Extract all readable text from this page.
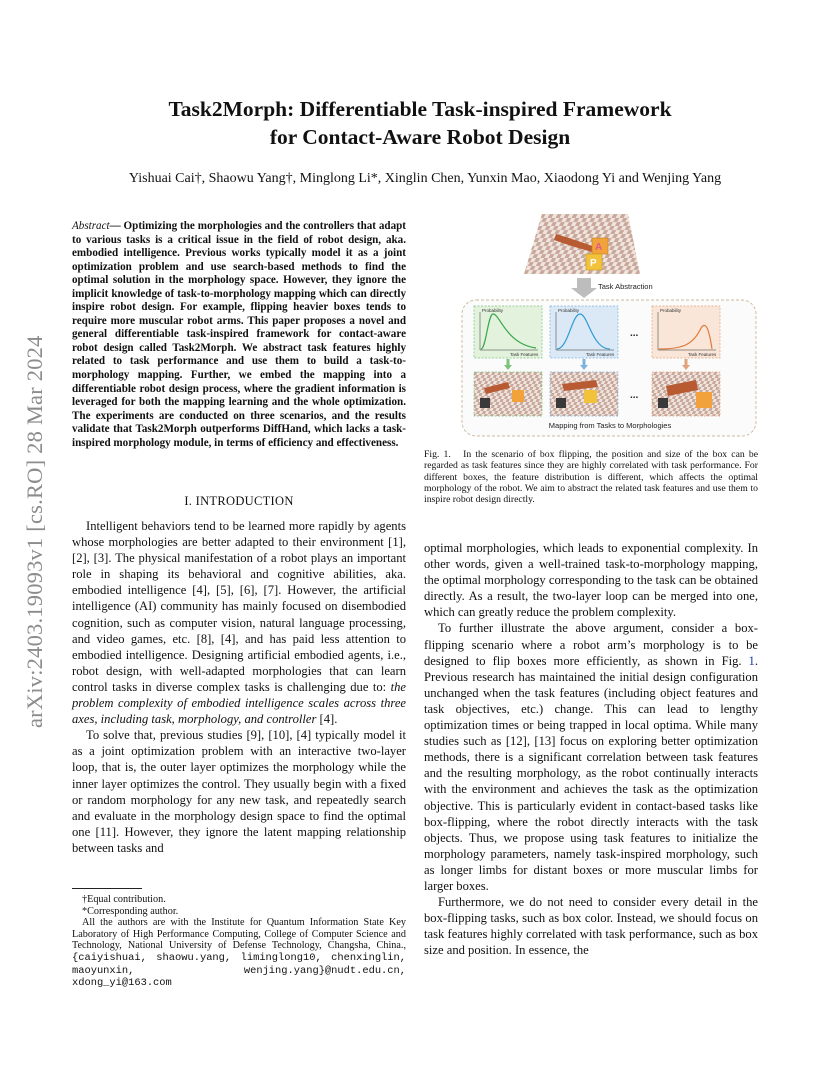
arXiv:2403.19093v1 [cs.RO] 28 Mar 2024
Task2Morph: Differentiable Task-inspired Framework
for Contact-Aware Robot Design
Yishuai Cai†, Shaowu Yang†, Minglong Li*, Xinglin Chen, Yunxin Mao, Xiaodong Yi and Wenjing Yang
Abstract— Optimizing the morphologies and the controllers that adapt to various tasks is a critical issue in the field of robot design, aka. embodied intelligence. Previous works typically model it as a joint optimization problem and use search-based methods to find the optimal solution in the morphology space. However, they ignore the implicit knowledge of task-to-morphology mapping which can directly inspire robot design. For example, flipping heavier boxes tends to require more muscular robot arms. This paper proposes a novel and general differentiable task-inspired framework for contact-aware robot design called Task2Morph. We abstract task features highly related to task performance and use them to build a task-to-morphology mapping. Further, we embed the mapping into a differentiable robot design process, where the gradient information is leveraged for both the mapping learning and the whole optimization. The experiments are conducted on three scenarios, and the results validate that Task2Morph outperforms DiffHand, which lacks a task-inspired morphology module, in terms of efficiency and effectiveness.
I. INTRODUCTION

Intelligent behaviors tend to be learned more rapidly by agents whose morphologies are better adapted to their environment [1], [2], [3]. The physical manifestation of a robot plays an important role in shaping its behavioral and cognitive abilities, aka. embodied intelligence [4], [5], [6], [7]. However, the artificial intelligence (AI) community has mainly focused on disembodied cognition, such as computer vision, natural language processing, and video games, etc. [8], [4], and has paid less attention to embodied intelligence. Designing artificial embodied agents, i.e., robot design, with well-adapted morphologies that can learn control tasks in diverse complex tasks is challenging due to: the problem complexity of embodied intelligence scales across three axes, including task, morphology, and controller [4].

To solve that, previous studies [9], [10], [4] typically model it as a joint optimization problem with an interactive two-layer loop, that is, the outer layer optimizes the morphology while the inner layer optimizes the control. They usually begin with a fixed or random morphology for any new task, and repeatedly search and evaluate in the morphology design space to find the optimal one [11]. However, they ignore the latent mapping relationship between tasks and

†Equal contribution.

*Corresponding author.

All the authors are with the Institute for Quantum Information State Key Laboratory of High Performance Computing, College of Computer Science and Technology, National University of Defense Technology, Changsha, China., {caiyishuai, shaowu.yang, liminglong10, chenxinglin, maoyunxin, wenjing.yang}@nudt.edu.cn, xdong_yi@163.com

A
P
Task Abstraction
Probability
Task Features
Probability
Task Features
...
Probability
Task Features
...
Mapping from Tasks to Morphologies
Fig. 1. In the scenario of box flipping, the position and size of the box can be regarded as task features since they are highly correlated with task performance. For different boxes, the feature distribution is different, which affects the optimal morphology of the robot. We aim to abstract the related task features and use them to inspire robot design directly.

optimal morphologies, which leads to exponential complexity. In other words, given a well-trained task-to-morphology mapping, the optimal morphology corresponding to the task can be obtained directly. As a result, the two-layer loop can be merged into one, which can greatly reduce the problem complexity.

To further illustrate the above argument, consider a box-flipping scenario where a robot arm’s morphology is to be designed to flip boxes more efficiently, as shown in Fig. 1. Previous research has maintained the initial design configuration unchanged when the task features (including object features and task objectives, etc.) change. This can lead to lengthy optimization times or being trapped in local optima. While many studies such as [12], [13] focus on exploring better optimization methods, there is a significant correlation between task features and the resulting morphology, as the robot continually interacts with the environment and achieves the task as the optimization objective. This is particularly evident in contact-based tasks like box-flipping, where the robot directly interacts with the task objects. Thus, we propose using task features to initialize the morphology parameters, namely task-inspired morphology, such as longer limbs for distant boxes or more muscular limbs for larger boxes.

Furthermore, we do not need to consider every detail in the box-flipping tasks, such as box color. Instead, we should focus on task features highly correlated with task performance, such as box size and position. In essence, the
